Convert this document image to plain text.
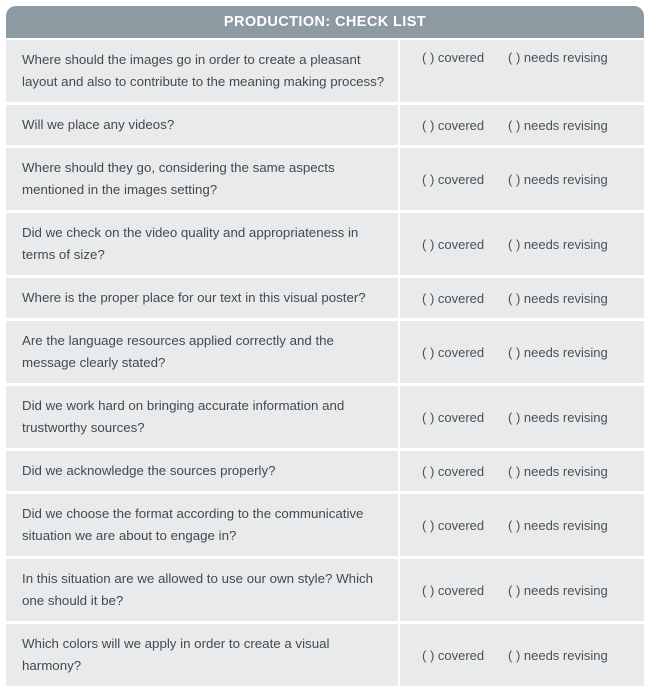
PRODUCTION: CHECK LIST
Where should the images go in order to create a pleasant layout and also to contribute to the meaning making process?
( ) covered	( ) needs revising
Will we place any videos?	( ) covered	( ) needs revising
Where should they go, considering the same aspects mentioned in the images setting?
( ) covered	( ) needs revising
Did we check on the video quality and appropriateness in terms of size?
( ) covered	( ) needs revising
Where is the proper place for our text in this visual poster?	( ) covered	( ) needs revising
Are the language resources applied correctly and the message clearly stated?
( ) covered	( ) needs revising
Did we work hard on bringing accurate information and trustworthy sources?
( ) covered	( ) needs revising
Did we acknowledge the sources properly?	( ) covered	( ) needs revising
Did we choose the format according to the communicative situation we are about to engage in?
( ) covered	( ) needs revising
In this situation are we allowed to use our own style? Which one should it be?
( ) covered	( ) needs revising
Which colors will we apply in order to create a visual harmony?
( ) covered	( ) needs revising
